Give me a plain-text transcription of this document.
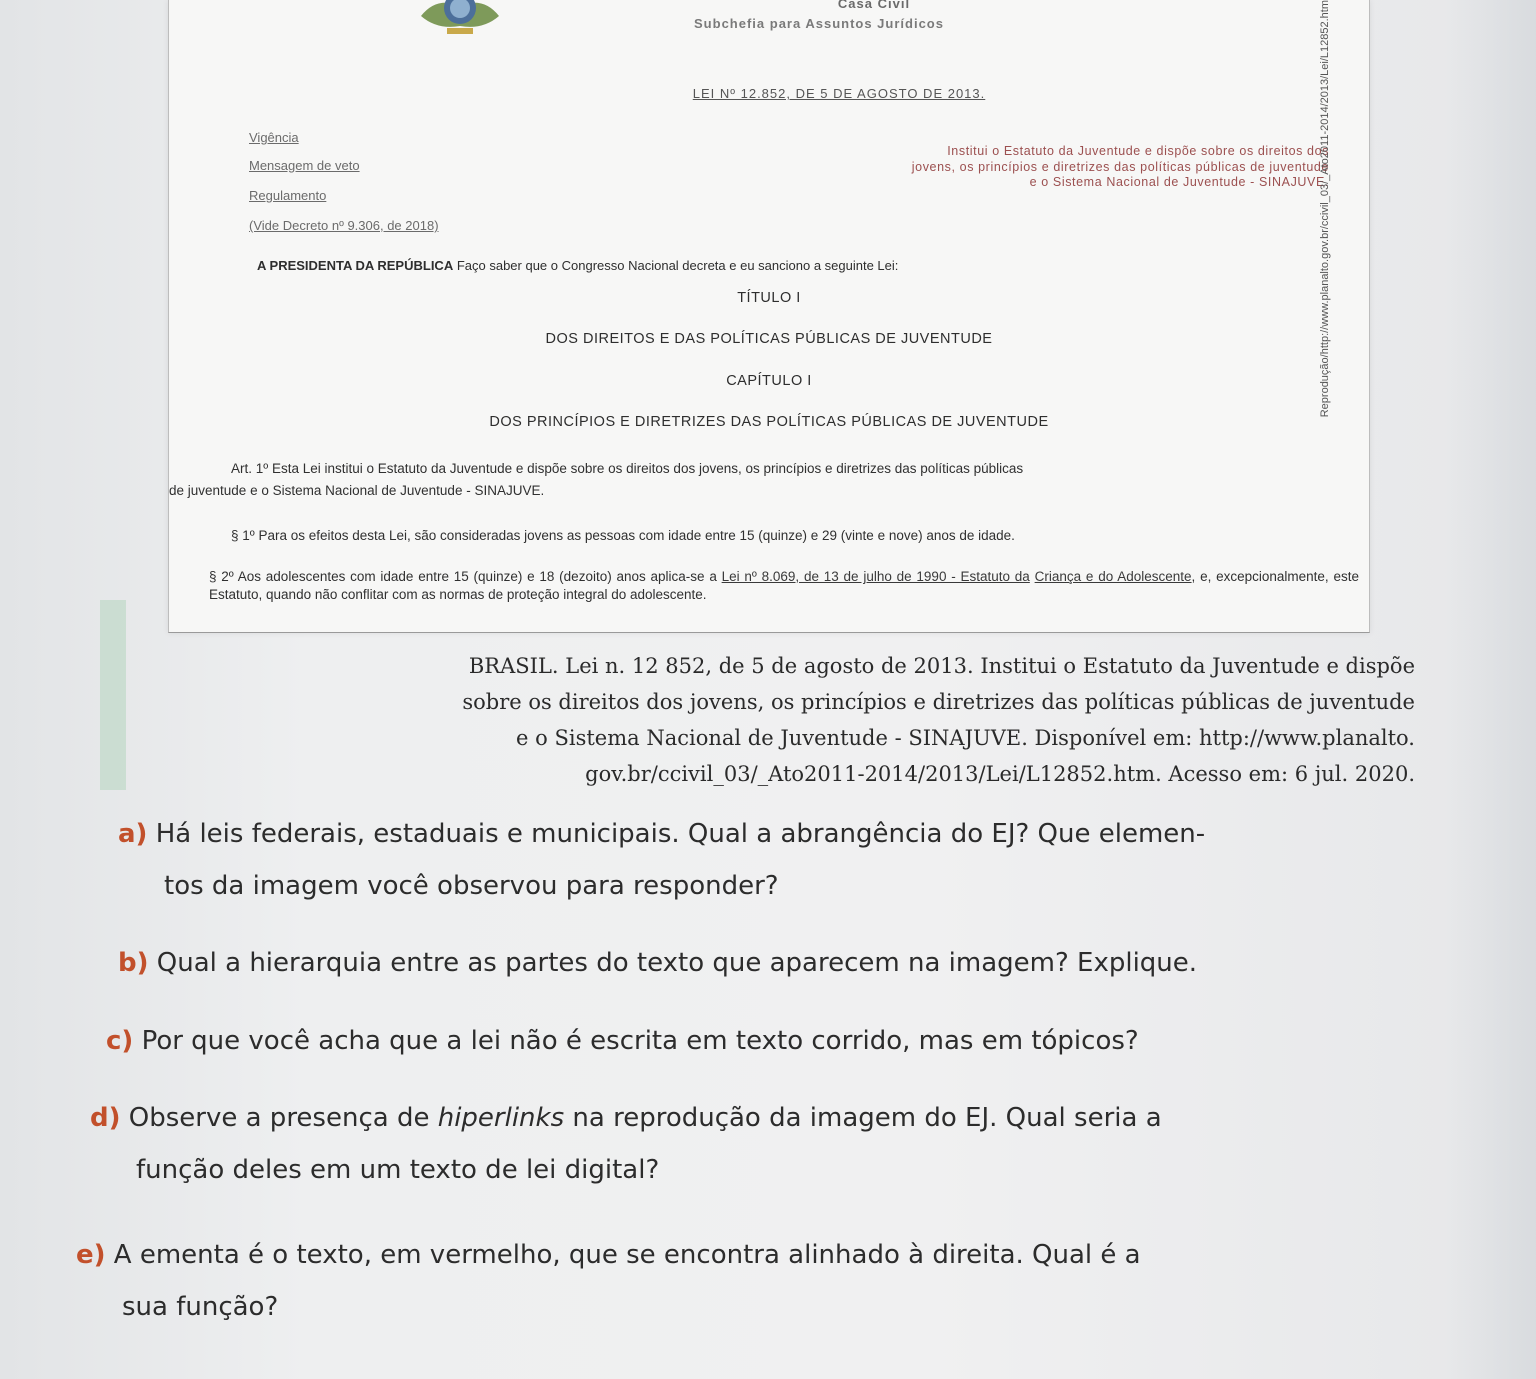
Casa Civil

Subchefia para Assuntos Jurídicos

LEI Nº 12.852, DE 5 DE AGOSTO DE 2013.

Vigência

Mensagem de veto

Regulamento

(Vide Decreto nº 9.306, de 2018)

Institui o Estatuto da Juventude e dispõe sobre os direitos dos
jovens, os princípios e diretrizes das políticas públicas de juventude
e o Sistema Nacional de Juventude - SINAJUVE.
Reprodução/http://www.planalto.gov.br/ccivil_03/_Ato2011-2014/2013/Lei/L12852.htm

A PRESIDENTA DA REPÚBLICA Faço saber que o Congresso Nacional decreta e eu sanciono a seguinte Lei:

TÍTULO I

DOS DIREITOS E DAS POLÍTICAS PÚBLICAS DE JUVENTUDE

CAPÍTULO I

DOS PRINCÍPIOS E DIRETRIZES DAS POLÍTICAS PÚBLICAS DE JUVENTUDE

Art. 1º Esta Lei institui o Estatuto da Juventude e dispõe sobre os direitos dos jovens, os princípios e diretrizes das políticas públicas

de juventude e o Sistema Nacional de Juventude - SINAJUVE.

§ 1º Para os efeitos desta Lei, são consideradas jovens as pessoas com idade entre 15 (quinze) e 29 (vinte e nove) anos de idade.

§ 2º Aos adolescentes com idade entre 15 (quinze) e 18 (dezoito) anos aplica-se a Lei nº 8.069, de 13 de julho de 1990 - Estatuto da Criança e do Adolescente, e, excepcionalmente, este Estatuto, quando não conflitar com as normas de proteção integral do adolescente.

BRASIL. Lei n. 12 852, de 5 de agosto de 2013. Institui o Estatuto da Juventude e dispõe
sobre os direitos dos jovens, os princípios e diretrizes das políticas públicas de juventude
e o Sistema Nacional de Juventude - SINAJUVE. Disponível em: http://www.planalto.
gov.br/ccivil_03/_Ato2011-2014/2013/Lei/L12852.htm. Acesso em: 6 jul. 2020.
a) Há leis federais, estaduais e municipais. Qual a abrangência do EJ? Que elemen-
tos da imagem você observou para responder?
b) Qual a hierarquia entre as partes do texto que aparecem na imagem? Explique.
c) Por que você acha que a lei não é escrita em texto corrido, mas em tópicos?
d) Observe a presença de hiperlinks na reprodução da imagem do EJ. Qual seria a
função deles em um texto de lei digital?
e) A ementa é o texto, em vermelho, que se encontra alinhado à direita. Qual é a
sua função?
